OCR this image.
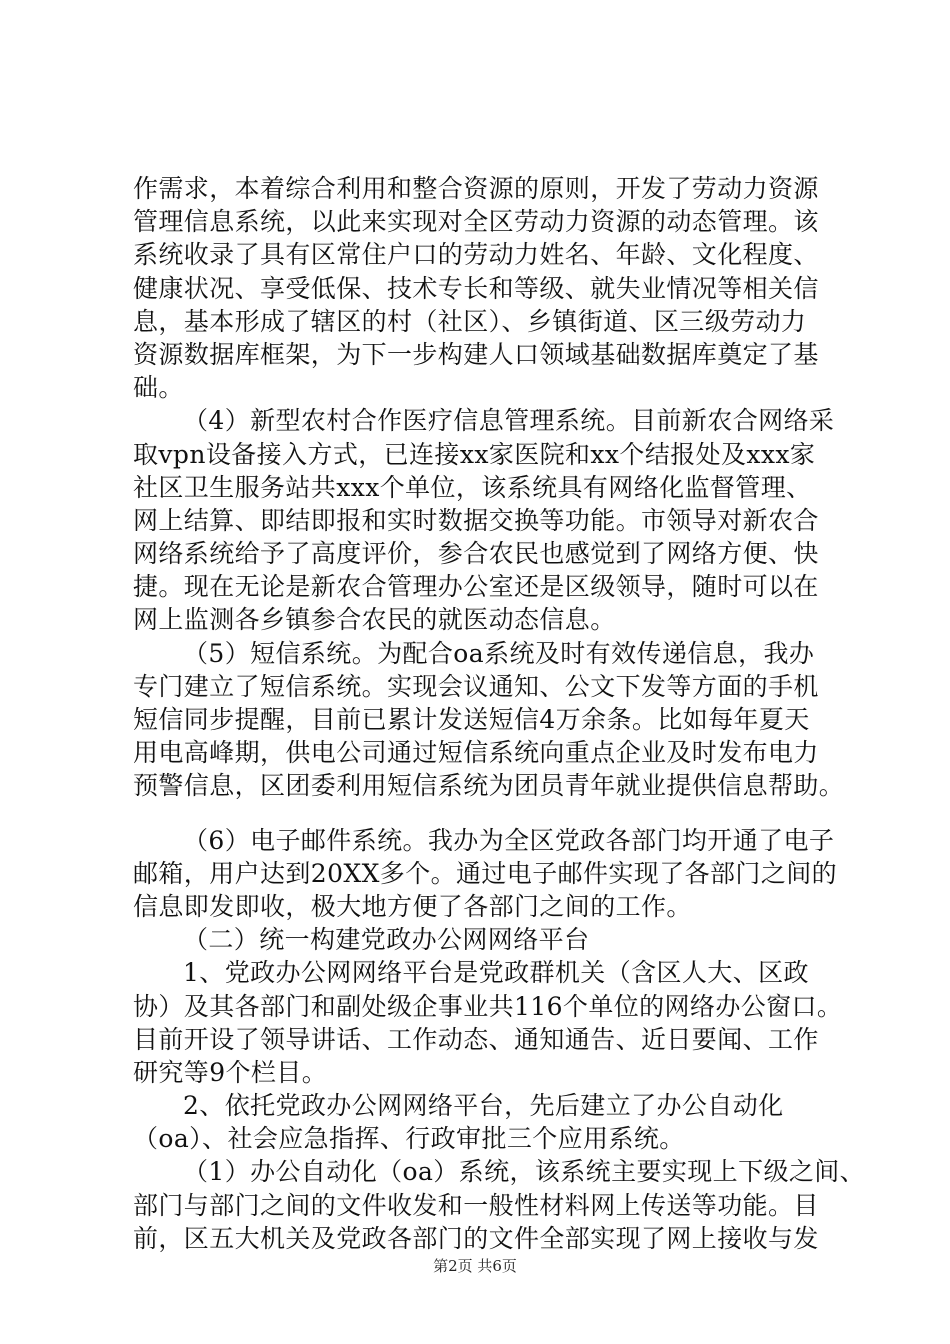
作需求，本着综合利用和整合资源的原则，开发了劳动力资源
管理信息系统，以此来实现对全区劳动力资源的动态管理。该
系统收录了具有区常住户口的劳动力姓名、年龄、文化程度、
健康状况、享受低保、技术专长和等级、就失业情况等相关信
息，基本形成了辖区的村（社区）、乡镇街道、区三级劳动力
资源数据库框架，为下一步构建人口领域基础数据库奠定了基
础。
（4）新型农村合作医疗信息管理系统。目前新农合网络采
取vpn设备接入方式，已连接xx家医院和xx个结报处及xxx家
社区卫生服务站共xxx个单位，该系统具有网络化监督管理、
网上结算、即结即报和实时数据交换等功能。市领导对新农合
网络系统给予了高度评价，参合农民也感觉到了网络方便、快
捷。现在无论是新农合管理办公室还是区级领导，随时可以在
网上监测各乡镇参合农民的就医动态信息。
（5）短信系统。为配合oa系统及时有效传递信息，我办
专门建立了短信系统。实现会议通知、公文下发等方面的手机
短信同步提醒，目前已累计发送短信4万余条。比如每年夏天
用电高峰期，供电公司通过短信系统向重点企业及时发布电力
预警信息，区团委利用短信系统为团员青年就业提供信息帮助。
（6）电子邮件系统。我办为全区党政各部门均开通了电子
邮箱，用户达到20XX多个。通过电子邮件实现了各部门之间的
信息即发即收，极大地方便了各部门之间的工作。
（二）统一构建党政办公网网络平台
1、党政办公网网络平台是党政群机关（含区人大、区政
协）及其各部门和副处级企事业共116个单位的网络办公窗口。
目前开设了领导讲话、工作动态、通知通告、近日要闻、工作
研究等9个栏目。
2、依托党政办公网网络平台，先后建立了办公自动化
（oa）、社会应急指挥、行政审批三个应用系统。
（1）办公自动化（oa）系统，该系统主要实现上下级之间、
部门与部门之间的文件收发和一般性材料网上传送等功能。目
前，区五大机关及党政各部门的文件全部实现了网上接收与发
第2页 共6页
